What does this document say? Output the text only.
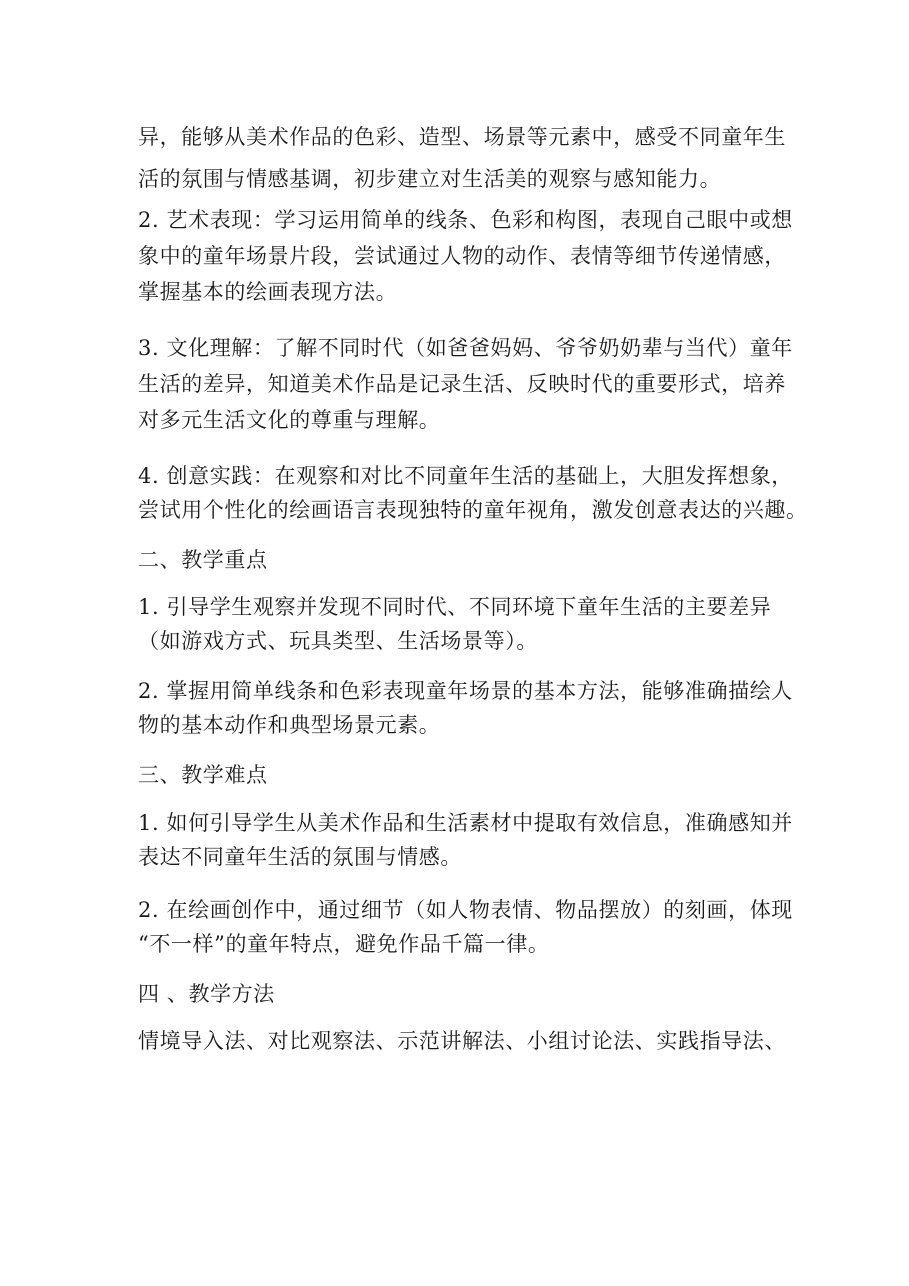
异，能够从美术作品的色彩、造型、场景等元素中，感受不同童年生
活的氛围与情感基调，初步建立对生活美的观察与感知能力。
2. 艺术表现：学习运用简单的线条、色彩和构图，表现自己眼中或想
象中的童年场景片段，尝试通过人物的动作、表情等细节传递情感，
掌握基本的绘画表现方法。
3. 文化理解：了解不同时代（如爸爸妈妈、爷爷奶奶辈与当代）童年
生活的差异，知道美术作品是记录生活、反映时代的重要形式，培养
对多元生活文化的尊重与理解。
4. 创意实践：在观察和对比不同童年生活的基础上，大胆发挥想象，
尝试用个性化的绘画语言表现独特的童年视角，激发创意表达的兴趣。
二、教学重点
1. 引导学生观察并发现不同时代、不同环境下童年生活的主要差异
（如游戏方式、玩具类型、生活场景等）。
2. 掌握用简单线条和色彩表现童年场景的基本方法，能够准确描绘人
物的基本动作和典型场景元素。
三、教学难点
1. 如何引导学生从美术作品和生活素材中提取有效信息，准确感知并
表达不同童年生活的氛围与情感。
2. 在绘画创作中，通过细节（如人物表情、物品摆放）的刻画，体现
“不一样”的童年特点，避免作品千篇一律。
四 、教学方法
情境导入法、对比观察法、示范讲解法、小组讨论法、实践指导法、
